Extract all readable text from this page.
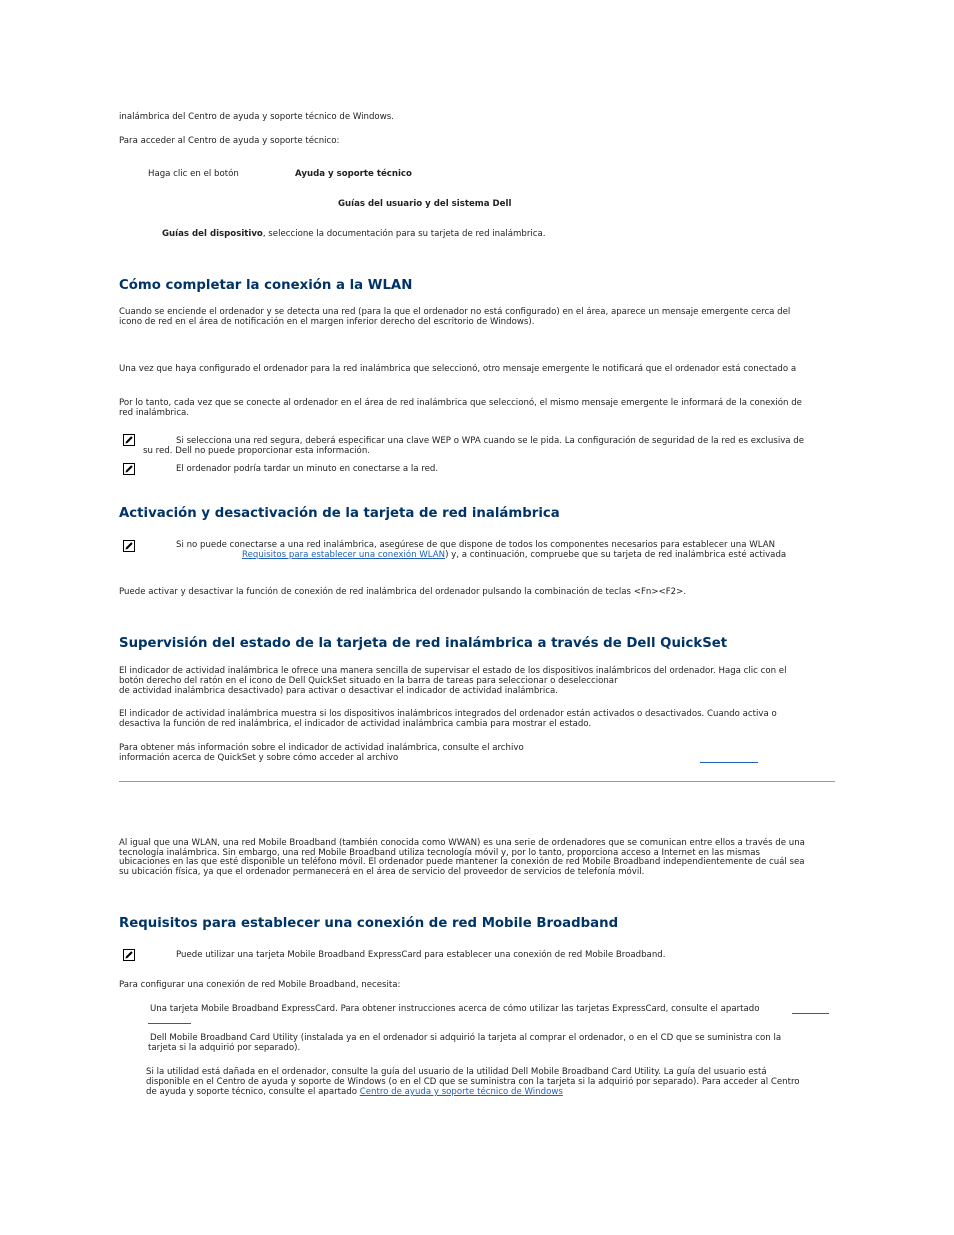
inalámbrica del Centro de ayuda y soporte técnico de Windows.

Para acceder al Centro de ayuda y soporte técnico:

Haga clic en el botón	Ayuda y soporte técnico

Guías del usuario y del sistema Dell

Guías del dispositivo, seleccione la documentación para su tarjeta de red inalámbrica.

Cómo completar la conexión a la WLAN

Cuando se enciende el ordenador y se detecta una red (para la que el ordenador no está configurado) en el área, aparece un mensaje emergente cerca del

icono de red en el área de notificación en el margen inferior derecho del escritorio de Windows).

Una vez que haya configurado el ordenador para la red inalámbrica que seleccionó, otro mensaje emergente le notificará que el ordenador está conectado a

Por lo tanto, cada vez que se conecte al ordenador en el área de red inalámbrica que seleccionó, el mismo mensaje emergente le informará de la conexión de

red inalámbrica.

Si selecciona una red segura, deberá especificar una clave WEP o WPA cuando se le pida. La configuración de seguridad de la red es exclusiva de

su red. Dell no puede proporcionar esta información.

El ordenador podría tardar un minuto en conectarse a la red.

Activación y desactivación de la tarjeta de red inalámbrica

Si no puede conectarse a una red inalámbrica, asegúrese de que dispone de todos los componentes necesarios para establecer una WLAN

Requisitos para establecer una conexión WLAN) y, a continuación, compruebe que su tarjeta de red inalámbrica esté activada

Puede activar y desactivar la función de conexión de red inalámbrica del ordenador pulsando la combinación de teclas <Fn><F2>.

Supervisión del estado de la tarjeta de red inalámbrica a través de Dell QuickSet

El indicador de actividad inalámbrica le ofrece una manera sencilla de supervisar el estado de los dispositivos inalámbricos del ordenador. Haga clic con el

botón derecho del ratón en el icono de Dell QuickSet situado en la barra de tareas para seleccionar o deseleccionar

de actividad inalámbrica desactivado) para activar o desactivar el indicador de actividad inalámbrica.

El indicador de actividad inalámbrica muestra si los dispositivos inalámbricos integrados del ordenador están activados o desactivados. Cuando activa o

desactiva la función de red inalámbrica, el indicador de actividad inalámbrica cambia para mostrar el estado.

Para obtener más información sobre el indicador de actividad inalámbrica, consulte el archivo

información acerca de QuickSet y sobre cómo acceder al archivo

Al igual que una WLAN, una red Mobile Broadband (también conocida como WWAN) es una serie de ordenadores que se comunican entre ellos a través de una

tecnología inalámbrica. Sin embargo, una red Mobile Broadband utiliza tecnología móvil y, por lo tanto, proporciona acceso a Internet en las mismas

ubicaciones en las que esté disponible un teléfono móvil. El ordenador puede mantener la conexión de red Mobile Broadband independientemente de cuál sea

su ubicación física, ya que el ordenador permanecerá en el área de servicio del proveedor de servicios de telefonía móvil.

Requisitos para establecer una conexión de red Mobile Broadband

Puede utilizar una tarjeta Mobile Broadband ExpressCard para establecer una conexión de red Mobile Broadband.

Para configurar una conexión de red Mobile Broadband, necesita:

Una tarjeta Mobile Broadband ExpressCard. Para obtener instrucciones acerca de cómo utilizar las tarjetas ExpressCard, consulte el apartado

Dell Mobile Broadband Card Utility (instalada ya en el ordenador si adquirió la tarjeta al comprar el ordenador, o en el CD que se suministra con la

tarjeta si la adquirió por separado).

Si la utilidad está dañada en el ordenador, consulte la guía del usuario de la utilidad Dell Mobile Broadband Card Utility. La guía del usuario está

disponible en el Centro de ayuda y soporte de Windows (o en el CD que se suministra con la tarjeta si la adquirió por separado). Para acceder al Centro

de ayuda y soporte técnico, consulte el apartado Centro de ayuda y soporte técnico de Windows
